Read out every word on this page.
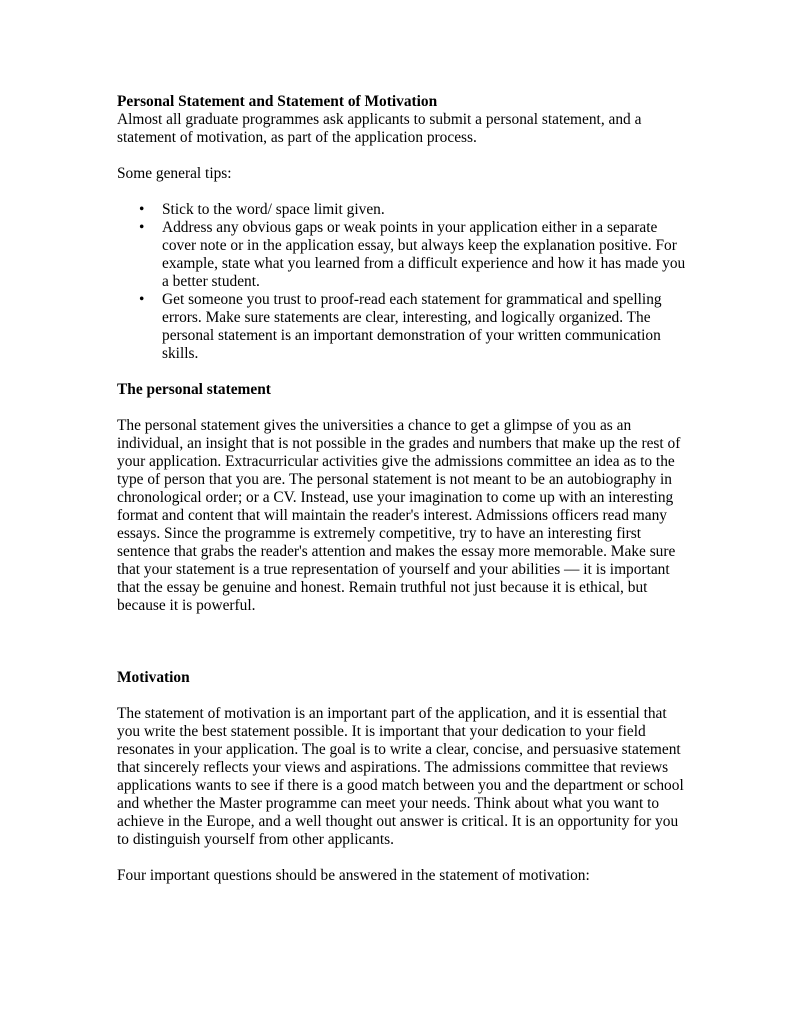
Personal Statement and Statement of Motivation
Almost all graduate programmes ask applicants to submit a personal statement, and a statement of motivation, as part of the application process.

Some general tips:

• Stick to the word/ space limit given.
• Address any obvious gaps or weak points in your application either in a separate cover note or in the application essay, but always keep the explanation positive. For example, state what you learned from a difficult experience and how it has made you a better student.
• Get someone you trust to proof-read each statement for grammatical and spelling errors. Make sure statements are clear, interesting, and logically organized. The personal statement is an important demonstration of your written communication skills.
The personal statement

The personal statement gives the universities a chance to get a glimpse of you as an individual, an insight that is not possible in the grades and numbers that make up the rest of your application. Extracurricular activities give the admissions committee an idea as to the type of person that you are. The personal statement is not meant to be an autobiography in chronological order; or a CV. Instead, use your imagination to come up with an interesting format and content that will maintain the reader's interest. Admissions officers read many essays. Since the programme is extremely competitive, try to have an interesting first sentence that grabs the reader's attention and makes the essay more memorable. Make sure that your statement is a true representation of yourself and your abilities — it is important that the essay be genuine and honest. Remain truthful not just because it is ethical, but because it is powerful.

Motivation

The statement of motivation is an important part of the application, and it is essential that you write the best statement possible. It is important that your dedication to your field resonates in your application. The goal is to write a clear, concise, and persuasive statement that sincerely reflects your views and aspirations. The admissions committee that reviews applications wants to see if there is a good match between you and the department or school and whether the Master programme can meet your needs. Think about what you want to achieve in the Europe, and a well thought out answer is critical. It is an opportunity for you to distinguish yourself from other applicants.

Four important questions should be answered in the statement of motivation:
